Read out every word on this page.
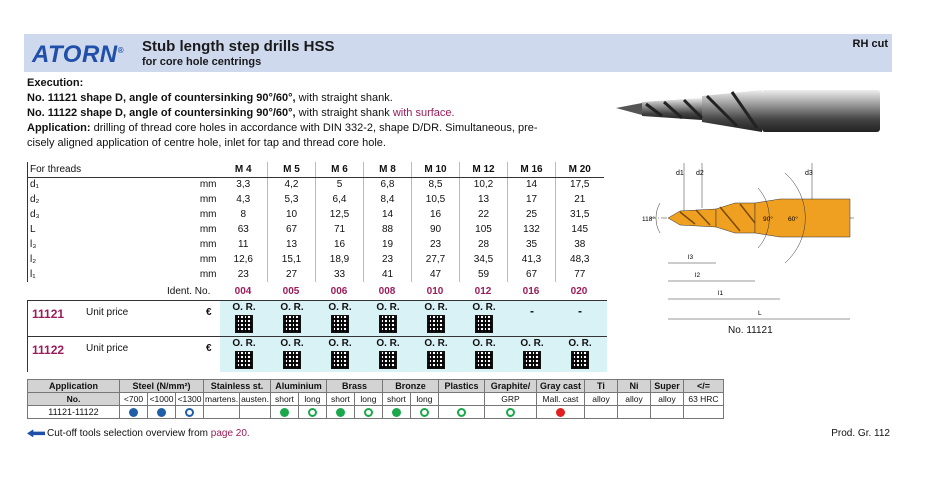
ATORN® Stub length step drills HSS
for core hole centrings
RH cut
Execution:
No. 11121 shape D, angle of countersinking 90°/60°, with straight shank.
No. 11122 shape D, angle of countersinking 90°/60°, with straight shank with surface.
Application: drilling of thread core holes in accordance with DIN 332-2, shape D/DR. Simultaneous, pre-
cisely aligned application of centre hole, inlet for tap and thread core hole.
d1 d2	d3
118°	90° 60°
l3
l2
l1
L
No. 11121
For threads		M 4	M 5	M 6	M 8	M 10	M 12	M 16	M 20
d₁	mm	3,3	4,2	5	6,8	8,5	10,2	14	17,5
d₂	mm	4,3	5,3	6,4	8,4	10,5	13	17	21
d₃	mm	8	10	12,5	14	16	22	25	31,5
L	mm	63	67	71	88	90	105	132	145
l₃	mm	11	13	16	19	23	28	35	38
l₂	mm	12,6	15,1	18,9	23	27,7	34,5	41,3	48,3
l₁	mm	23	27	33	41	47	59	67	77
Ident. No.	004	005	006	008	010	012	016	020
11121 Unit price	€	O. R.	O. R.	O. R.	O. R.	O. R.	O. R.	-	-
11122 Unit price	€	O. R.	O. R.	O. R.	O. R.	O. R.	O. R.	O. R.	O. R.
Application	Steel (N/mm²)			Stainless st.		Aluminium		Brass		Bronze		Plastics	Graphite/	Gray cast	Ti	Ni	Super	</=
No.	<700	<1000	<1300	martens.	austen.	short	long	short	long	short	long		GRP	Mall. cast	alloy	alloy	alloy	63 HRC
11121-11122																		
Cut-off tools selection overview from page 20.	Prod. Gr. 112
